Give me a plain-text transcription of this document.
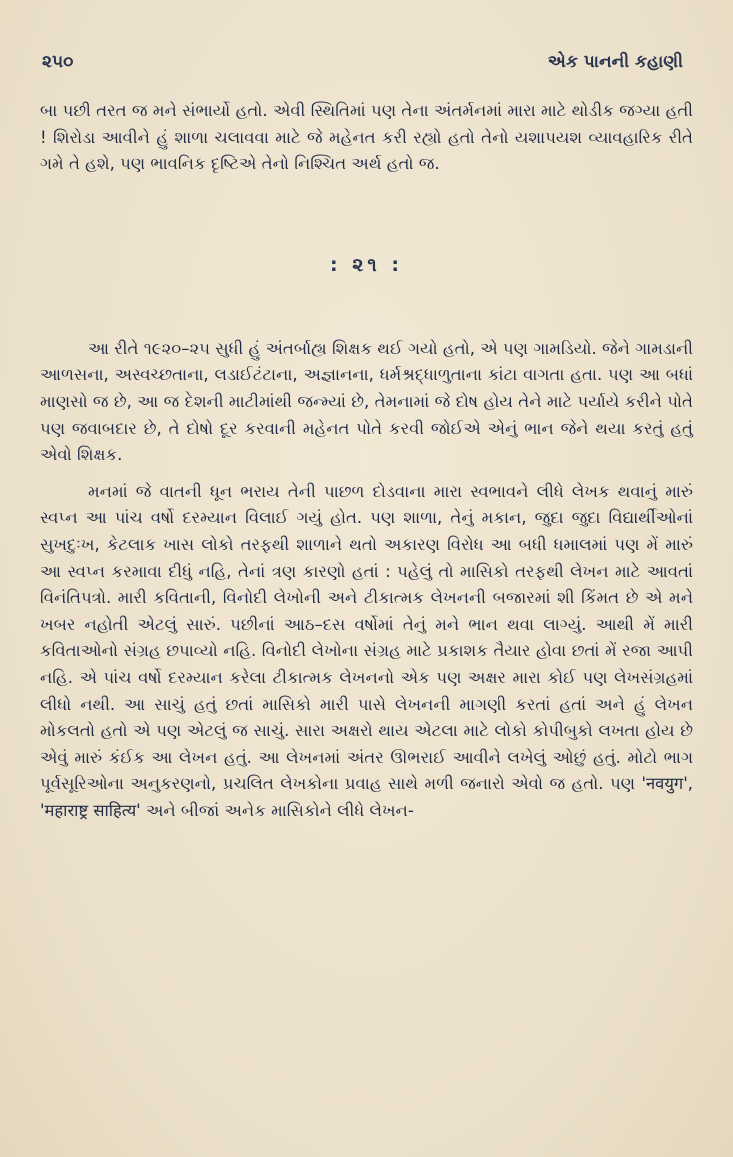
૨૫૦	એક પાનની કહાણી

બા પછી તરત જ મને સંભાર્યો હતો. એવી સ્થિતિમાં પણ તેના અંતર્મનમાં મારા માટે થોડીક જગ્યા હતી ! શિરોડા આવીને હું શાળા ચલાવવા માટે જે મહેનત કરી રહ્યો હતો તેનો યશાપયશ વ્યાવહારિક રીતે ગમે તે હશે, પણ ભાવનિક દૃષ્ટિએ તેનો નિશ્ચિત અર્થ હતો જ.

: ૨૧ :

આ રીતે ૧૯૨૦–૨૫ સુધી હું અંતર્બાહ્ય શિક્ષક થઈ ગયો હતો, એ પણ ગામડિયો. જેને ગામડાની આળસના, અસ્વચ્છતાના, લડાઈટંટાના, અજ્ઞાનના, ધર્મશ્રદ્ધાળુતાના કાંટા વાગતા હતા. પણ આ બધાં માણસો જ છે, આ જ દેશની માટીમાંથી જન્મ્યાં છે, તેમનામાં જે દોષ હોય તેને માટે પર્યાયે કરીને પોતે પણ જવાબદાર છે, તે દોષો દૂર કરવાની મહેનત પોતે કરવી જોઈએ એનું ભાન જેને થયા કરતું હતું એવો શિક્ષક.

મનમાં જે વાતની ધૂન ભરાય તેની પાછળ દોડવાના મારા સ્વભાવને લીધે લેખક થવાનું મારું સ્વપ્ન આ પાંચ વર્ષો દરમ્યાન વિલાઈ ગયું હોત. પણ શાળા, તેનું મકાન, જુદા જુદા વિદ્યાર્થીઓનાં સુખદુઃખ, કેટલાક ખાસ લોકો તરફથી શાળાને થતો અકારણ વિરોધ આ બધી ધમાલમાં પણ મેં મારું આ સ્વપ્ન કરમાવા દીધું નહિ, તેનાં ત્રણ કારણો હતાં : પહેલું તો માસિકો તરફથી લેખન માટે આવતાં વિનંતિપત્રો. મારી કવિતાની, વિનોદી લેખોની અને ટીકાત્મક લેખનની બજારમાં શી કિંમત છે એ મને ખબર નહોતી એટલું સારું. પછીનાં આઠ–દસ વર્ષોમાં તેનું મને ભાન થવા લાગ્યું. આથી મેં મારી કવિતાઓનો સંગ્રહ છપાવ્યો નહિ. વિનોદી લેખોના સંગ્રહ માટે પ્રકાશક તૈયાર હોવા છતાં મેં રજા આપી નહિ. એ પાંચ વર્ષો દરમ્યાન કરેલા ટીકાત્મક લેખનનો એક પણ અક્ષર મારા કોઈ પણ લેખસંગ્રહમાં લીધો નથી. આ સાચું હતું છતાં માસિકો મારી પાસે લેખનની માગણી કરતાં હતાં અને હું લેખન મોકલતો હતો એ પણ એટલું જ સાચું. સારા અક્ષરો થાય એટલા માટે લોકો કોપીબુકો લખતા હોય છે એવું મારું કંઈક આ લેખન હતું. આ લેખનમાં અંતર ઊભરાઈ આવીને લખેલું ઓછું હતું. મોટો ભાગ પૂર્વસૂરિઓના અનુકરણનો, પ્રચલિત લેખકોના પ્રવાહ સાથે મળી જનારો એવો જ હતો. પણ 'नवयुग', 'महाराष्ट्र साहित्य' અને બીજાં અનેક માસિકોને લીધે લેખન-
